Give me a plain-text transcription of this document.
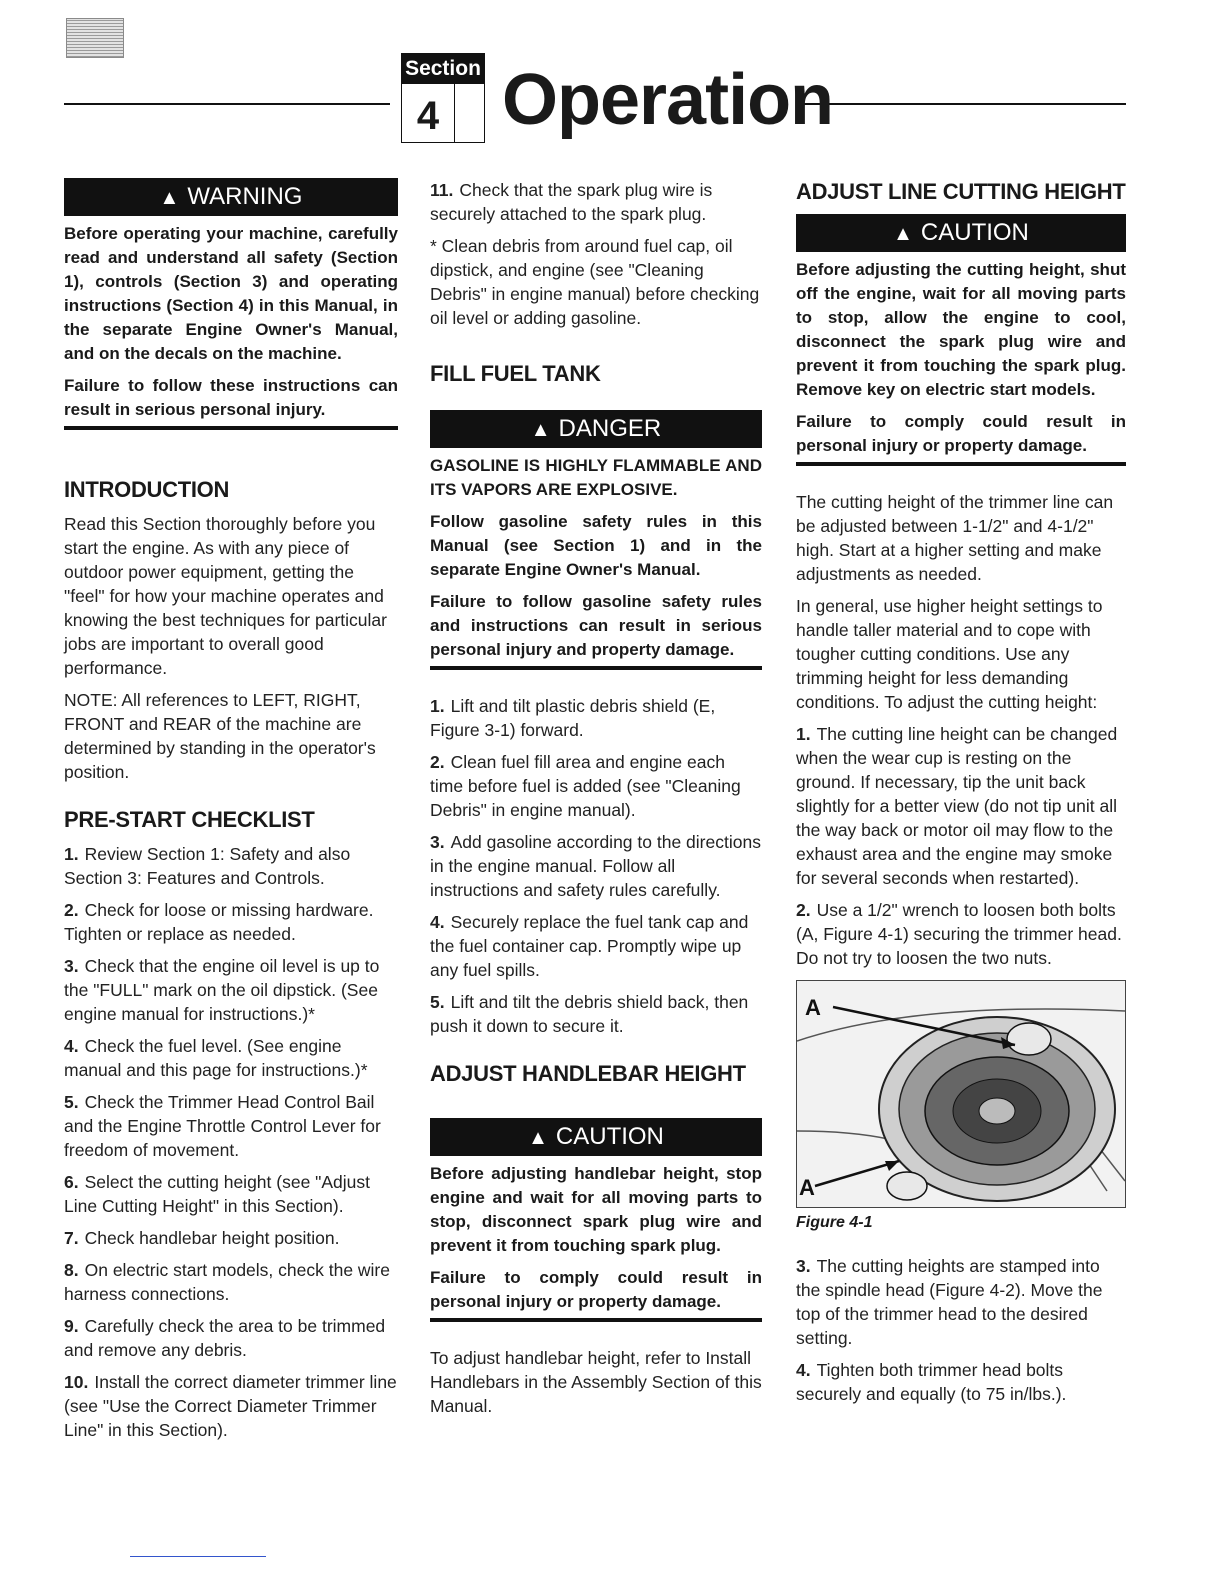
Section
4 Operation
▲ WARNING

Before operating your machine, carefully read and understand all safety (Section 1), controls (Section 3) and operating instructions (Section 4) in this Manual, in the separate Engine Owner's Manual, and on the decals on the machine.

Failure to follow these instructions can result in serious personal injury.

INTRODUCTION

Read this Section thoroughly before you start the engine. As with any piece of outdoor power equipment, getting the "feel" for how your machine operates and knowing the best techniques for particular jobs are important to overall good performance.

NOTE: All references to LEFT, RIGHT, FRONT and REAR of the machine are determined by standing in the operator's position.

PRE-START CHECKLIST
1. Review Section 1: Safety and also Section 3: Features and Controls.
2. Check for loose or missing hardware. Tighten or replace as needed.
3. Check that the engine oil level is up to the "FULL" mark on the oil dipstick. (See engine manual for instructions.)*
4. Check the fuel level. (See engine manual and this page for instructions.)*
5. Check the Trimmer Head Control Bail and the Engine Throttle Control Lever for freedom of movement.
6. Select the cutting height (see "Adjust Line Cutting Height" in this Section).
7. Check handlebar height position.
8. On electric start models, check the wire harness connections.
9. Carefully check the area to be trimmed and remove any debris.
10. Install the correct diameter trimmer line (see "Use the Correct Diameter Trimmer Line" in this Section).

11. Check that the spark plug wire is securely attached to the spark plug.

* Clean debris from around fuel cap, oil dipstick, and engine (see "Cleaning Debris" in engine manual) before checking oil level or adding gasoline.

FILL FUEL TANK
▲ DANGER

GASOLINE IS HIGHLY FLAMMABLE AND ITS VAPORS ARE EXPLOSIVE.

Follow gasoline safety rules in this Manual (see Section 1) and in the separate Engine Owner's Manual.

Failure to follow gasoline safety rules and instructions can result in serious personal injury and property damage.

1. Lift and tilt plastic debris shield (E, Figure 3-1) forward.
2. Clean fuel fill area and engine each time before fuel is added (see "Cleaning Debris" in engine manual).
3. Add gasoline according to the directions in the engine manual. Follow all instructions and safety rules carefully.
4. Securely replace the fuel tank cap and the fuel container cap. Promptly wipe up any fuel spills.
5. Lift and tilt the debris shield back, then push it down to secure it.
ADJUST HANDLEBAR HEIGHT
▲ CAUTION

Before adjusting handlebar height, stop engine and wait for all moving parts to stop, disconnect spark plug wire and prevent it from touching spark plug.

Failure to comply could result in personal injury or property damage.

To adjust handlebar height, refer to Install Handlebars in the Assembly Section of this Manual.

ADJUST LINE CUTTING HEIGHT
▲ CAUTION

Before adjusting the cutting height, shut off the engine, wait for all moving parts to stop, allow the engine to cool, disconnect the spark plug wire and prevent it from touching the spark plug. Remove key on electric start models.

Failure to comply could result in personal injury or property damage.

The cutting height of the trimmer line can be adjusted between 1-1/2" and 4-1/2" high. Start at a higher setting and make adjustments as needed.

In general, use higher height settings to handle taller material and to cope with tougher cutting conditions. Use any trimming height for less demanding conditions. To adjust the cutting height:

1. The cutting line height can be changed when the wear cup is resting on the ground. If necessary, tip the unit back slightly for a better view (do not tip unit all the way back or motor oil may flow to the exhaust area and the engine may smoke for several seconds when restarted).
2. Use a 1/2" wrench to loosen both bolts (A, Figure 4-1) securing the trimmer head. Do not try to loosen the two nuts.
A
A
Figure 4-1
3. The cutting heights are stamped into the spindle head (Figure 4-2). Move the top of the trimmer head to the desired setting.
4. Tighten both trimmer head bolts securely and equally (to 75 in/lbs.).
